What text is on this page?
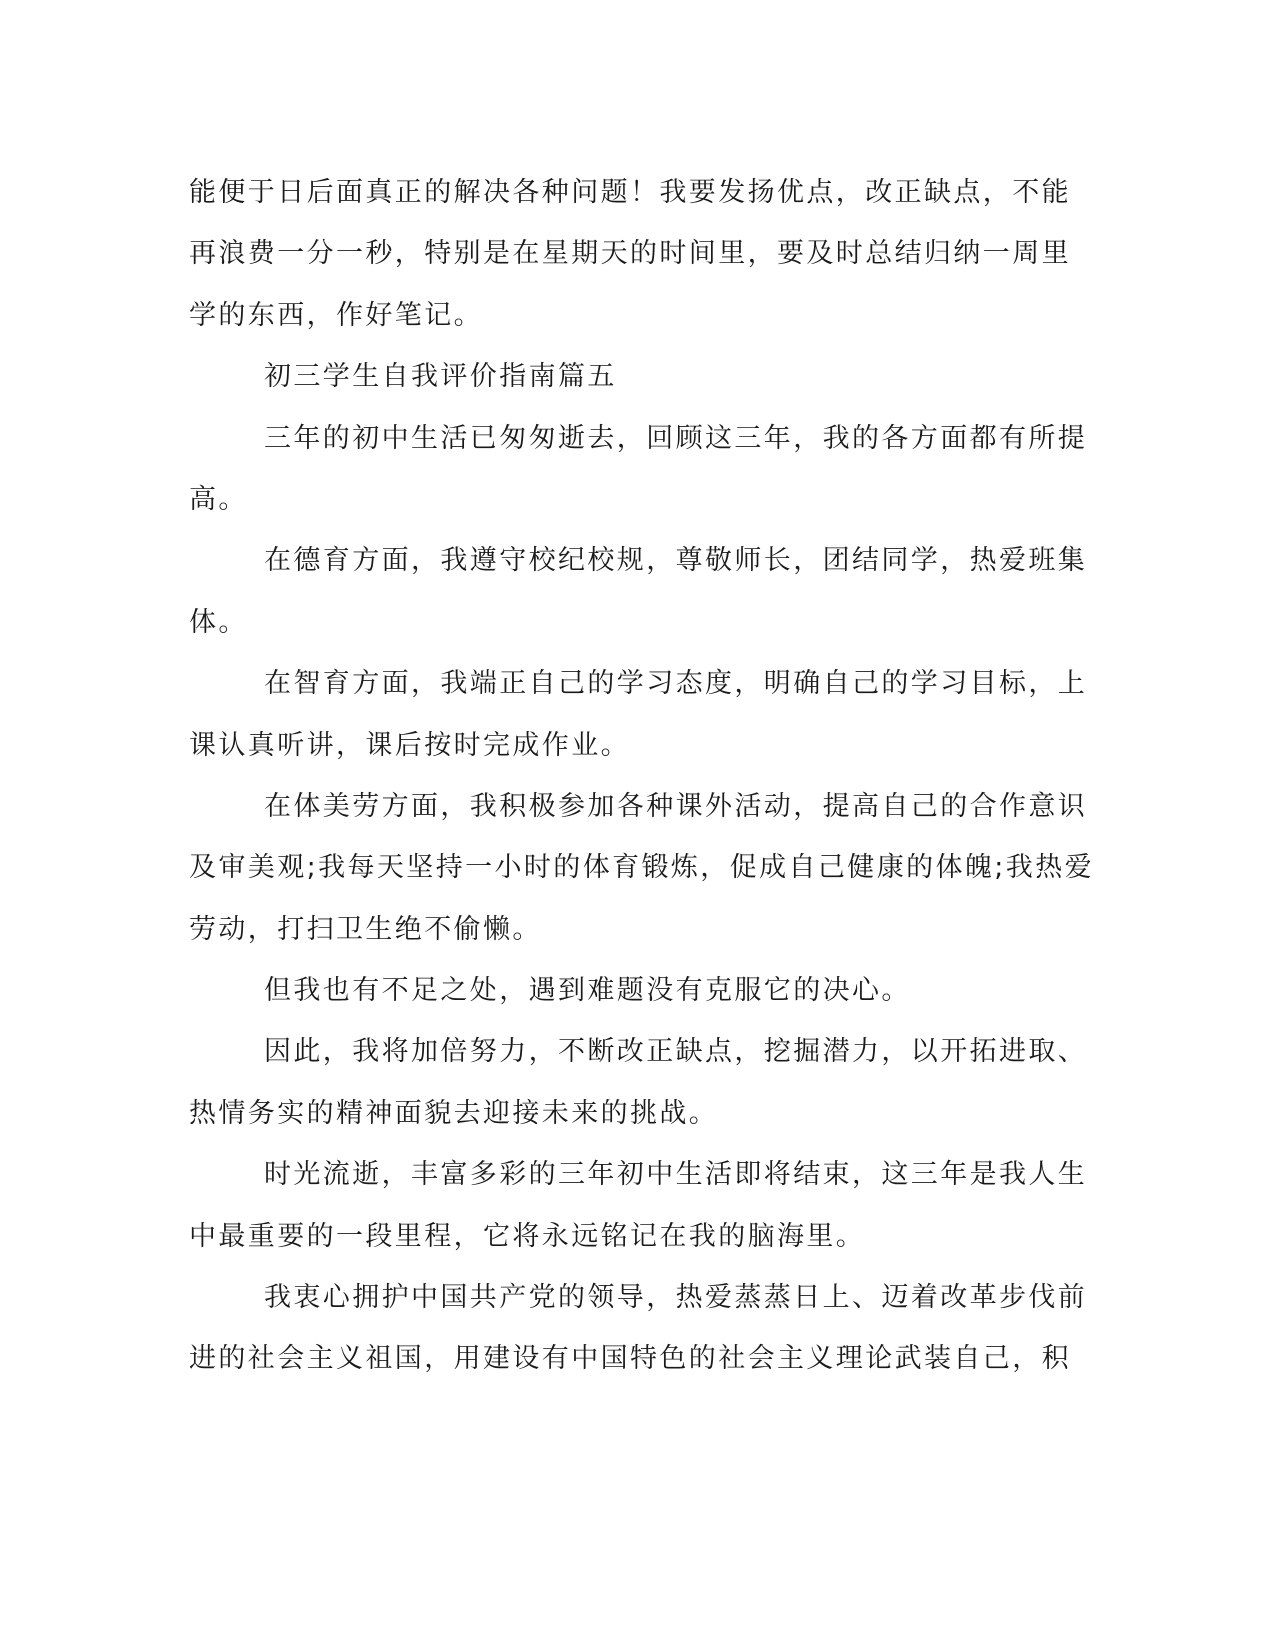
能便于日后面真正的解决各种问题！我要发扬优点，改正缺点，不能
再浪费一分一秒，特别是在星期天的时间里，要及时总结归纳一周里
学的东西，作好笔记。
初三学生自我评价指南篇五
三年的初中生活已匆匆逝去，回顾这三年，我的各方面都有所提
高。
在德育方面，我遵守校纪校规，尊敬师长，团结同学，热爱班集
体。
在智育方面，我端正自己的学习态度，明确自己的学习目标，上
课认真听讲，课后按时完成作业。
在体美劳方面，我积极参加各种课外活动，提高自己的合作意识
及审美观;我每天坚持一小时的体育锻炼，促成自己健康的体魄;我热爱
劳动，打扫卫生绝不偷懒。
但我也有不足之处，遇到难题没有克服它的决心。
因此，我将加倍努力，不断改正缺点，挖掘潜力，以开拓进取、
热情务实的精神面貌去迎接未来的挑战。
时光流逝，丰富多彩的三年初中生活即将结束，这三年是我人生
中最重要的一段里程，它将永远铭记在我的脑海里。
我衷心拥护中国共产党的领导，热爱蒸蒸日上、迈着改革步伐前
进的社会主义祖国，用建设有中国特色的社会主义理论武装自己，积
